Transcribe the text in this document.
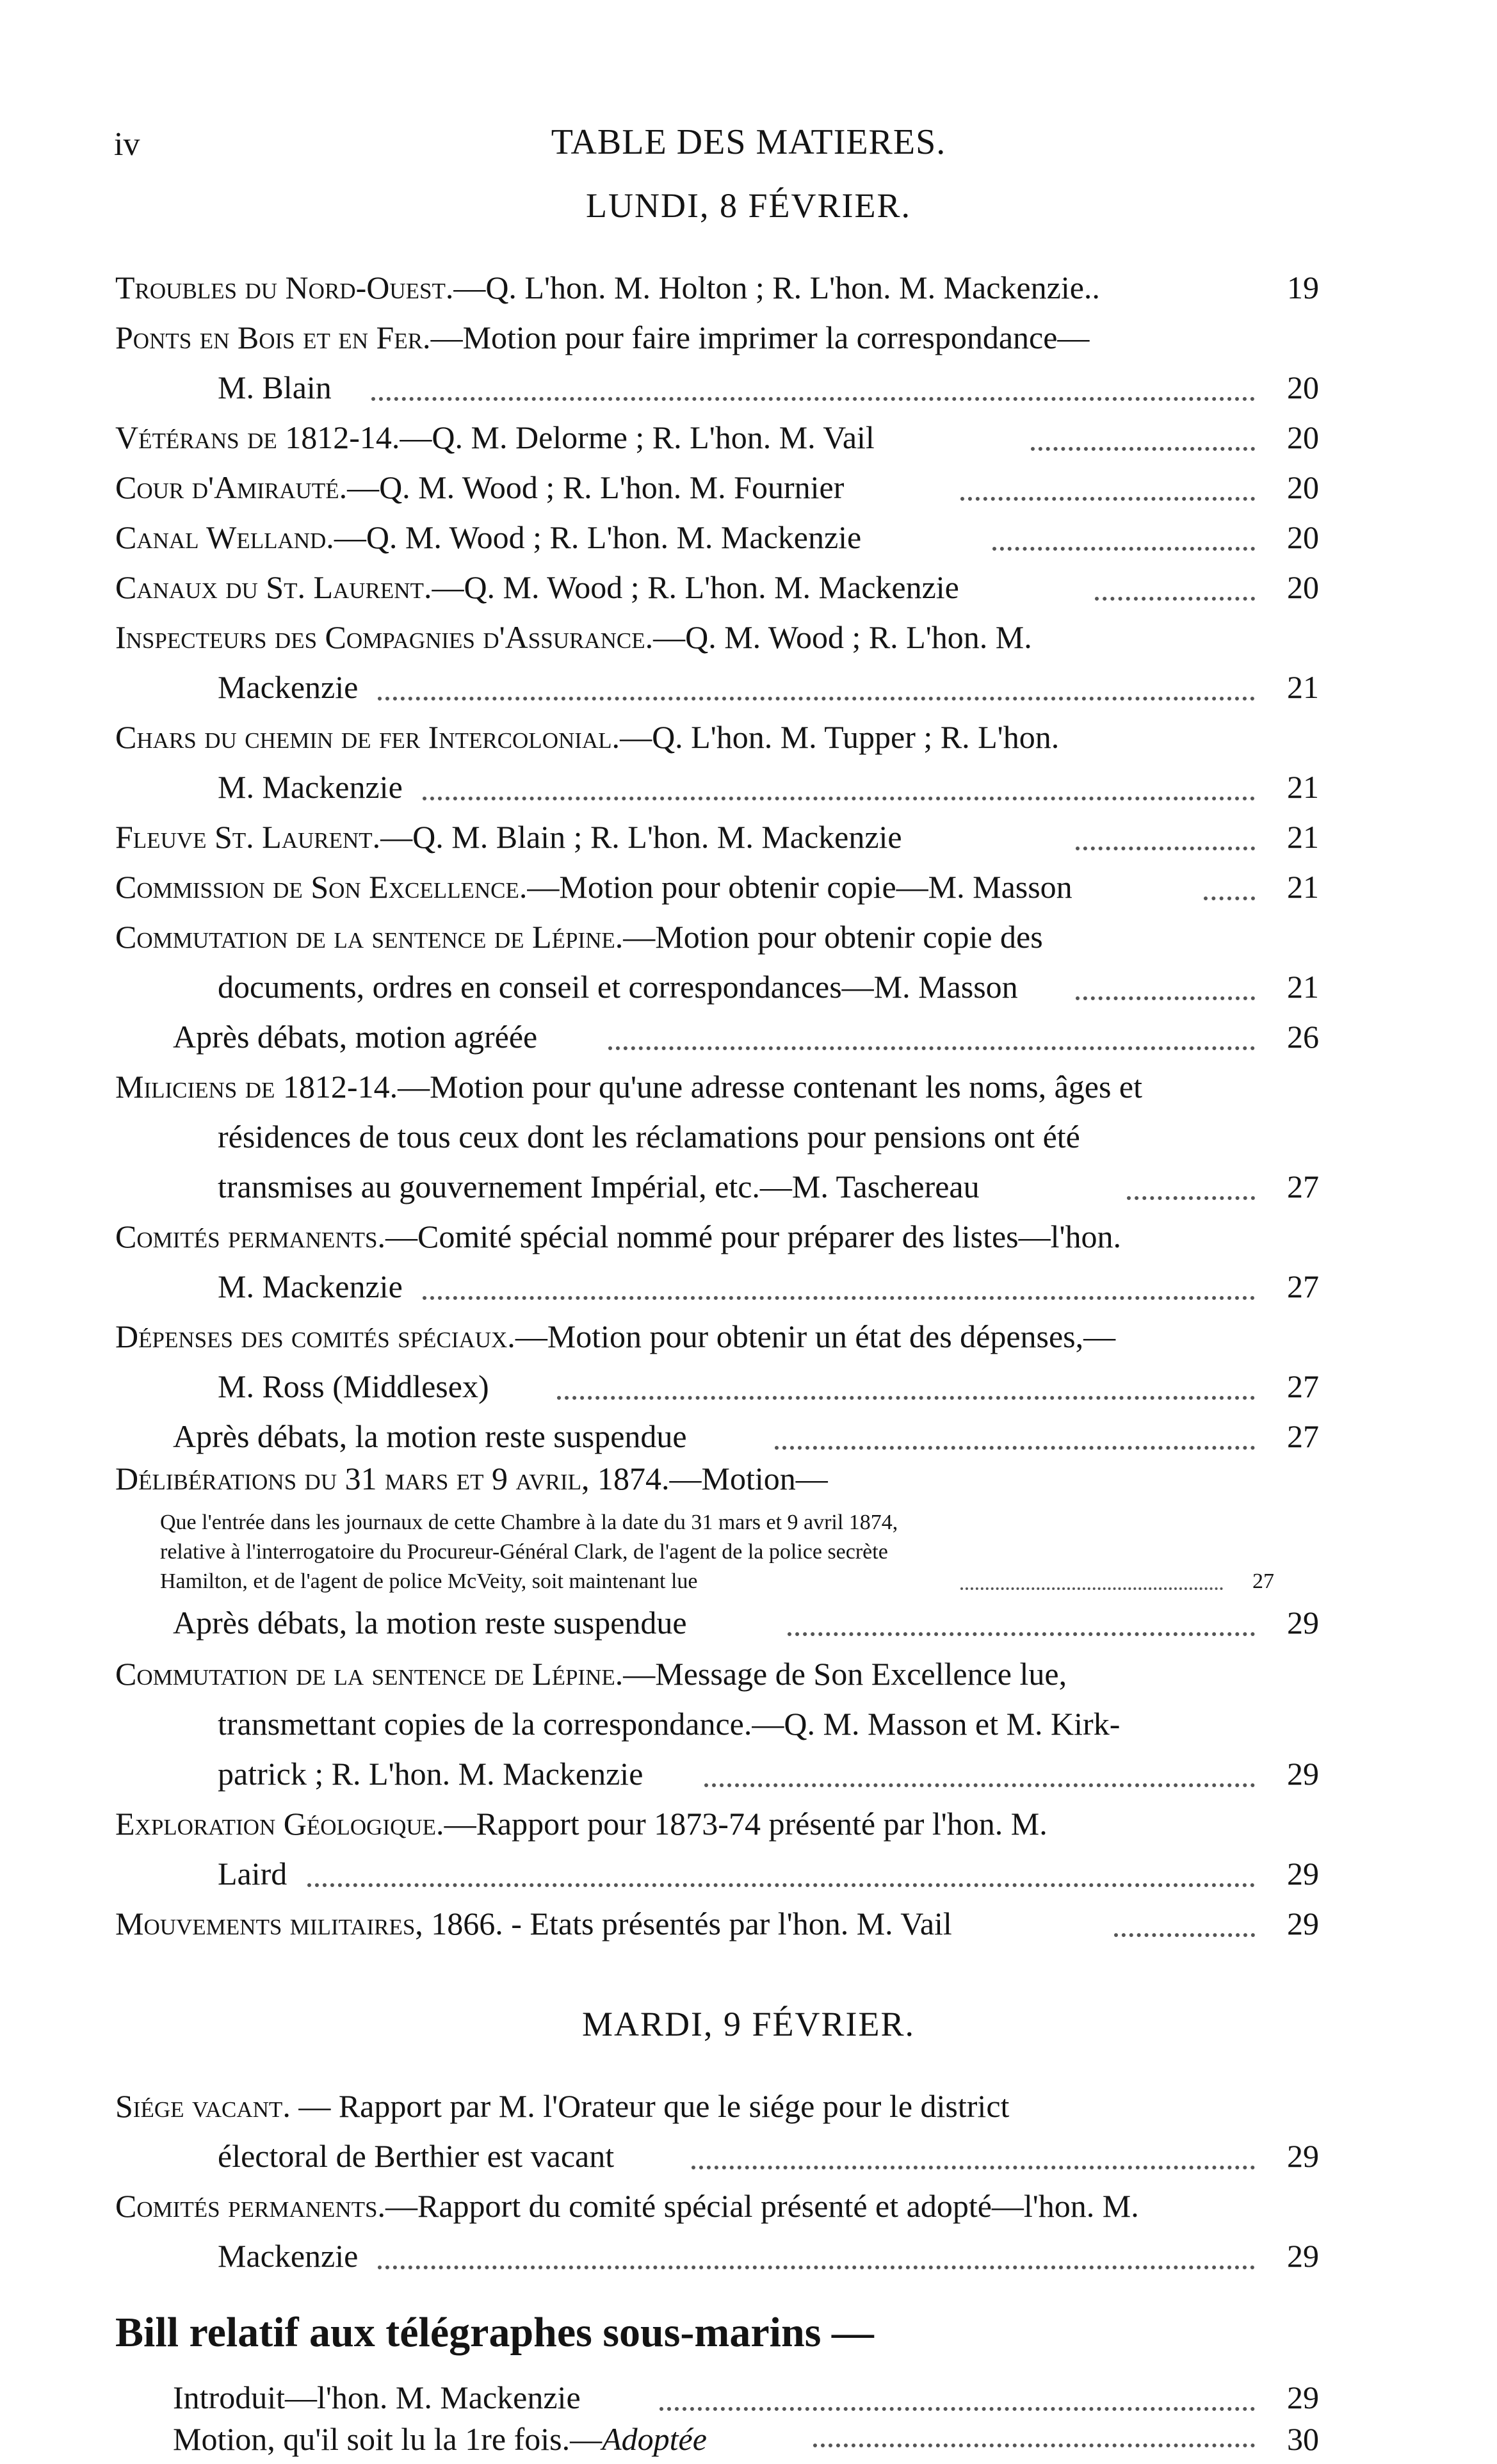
iv	TABLE DES MATIERES.
LUNDI, 8 FÉVRIER.
Troubles du Nord-Ouest.—Q. L'hon. M. Holton ; R. L'hon. M. Mackenzie..	19
Ponts en Bois et en Fer.—Motion pour faire imprimer la correspondance—
M. Blain	20
Vétérans de 1812-14.—Q. M. Delorme ; R. L'hon. M. Vail	20
Cour d'Amirauté.—Q. M. Wood ; R. L'hon. M. Fournier	20
Canal Welland.—Q. M. Wood ; R. L'hon. M. Mackenzie	20
Canaux du St. Laurent.—Q. M. Wood ; R. L'hon. M. Mackenzie	20
Inspecteurs des Compagnies d'Assurance.—Q. M. Wood ; R. L'hon. M.
Mackenzie	21
Chars du chemin de fer Intercolonial.—Q. L'hon. M. Tupper ; R. L'hon.
M. Mackenzie	21
Fleuve St. Laurent.—Q. M. Blain ; R. L'hon. M. Mackenzie	21
Commission de Son Excellence.—Motion pour obtenir copie—M. Masson	21
Commutation de la sentence de Lépine.—Motion pour obtenir copie des
documents, ordres en conseil et correspondances—M. Masson	21
Après débats, motion agréée	26
Miliciens de 1812-14.—Motion pour qu'une adresse contenant les noms, âges et
résidences de tous ceux dont les réclamations pour pensions ont été
transmises au gouvernement Impérial, etc.—M. Taschereau	27
Comités permanents.—Comité spécial nommé pour préparer des listes—l'hon.
M. Mackenzie	27
Dépenses des comités spéciaux.—Motion pour obtenir un état des dépenses,—
M. Ross (Middlesex)	27
Après débats, la motion reste suspendue	27
Délibérations du 31 mars et 9 avril, 1874.—Motion—
Que l'entrée dans les journaux de cette Chambre à la date du 31 mars et 9 avril 1874,
relative à l'interrogatoire du Procureur-Général Clark, de l'agent de la police secrète
Hamilton, et de l'agent de police McVeity, soit maintenant lue	27
Après débats, la motion reste suspendue	29
Commutation de la sentence de Lépine.—Message de Son Excellence lue,
transmettant copies de la correspondance.—Q. M. Masson et M. Kirk-
patrick ; R. L'hon. M. Mackenzie	29
Exploration Géologique.—Rapport pour 1873-74 présenté par l'hon. M.
Laird	29
Mouvements militaires, 1866. - Etats présentés par l'hon. M. Vail	29
MARDI, 9 FÉVRIER.
Siége vacant. — Rapport par M. l'Orateur que le siége pour le district
électoral de Berthier est vacant	29
Comités permanents.—Rapport du comité spécial présenté et adopté—l'hon. M.
Mackenzie	29
Bill relatif aux télégraphes sous-marins —
Introduit—l'hon. M. Mackenzie	29
Motion, qu'il soit lu la 1re fois.—Adoptée	30
